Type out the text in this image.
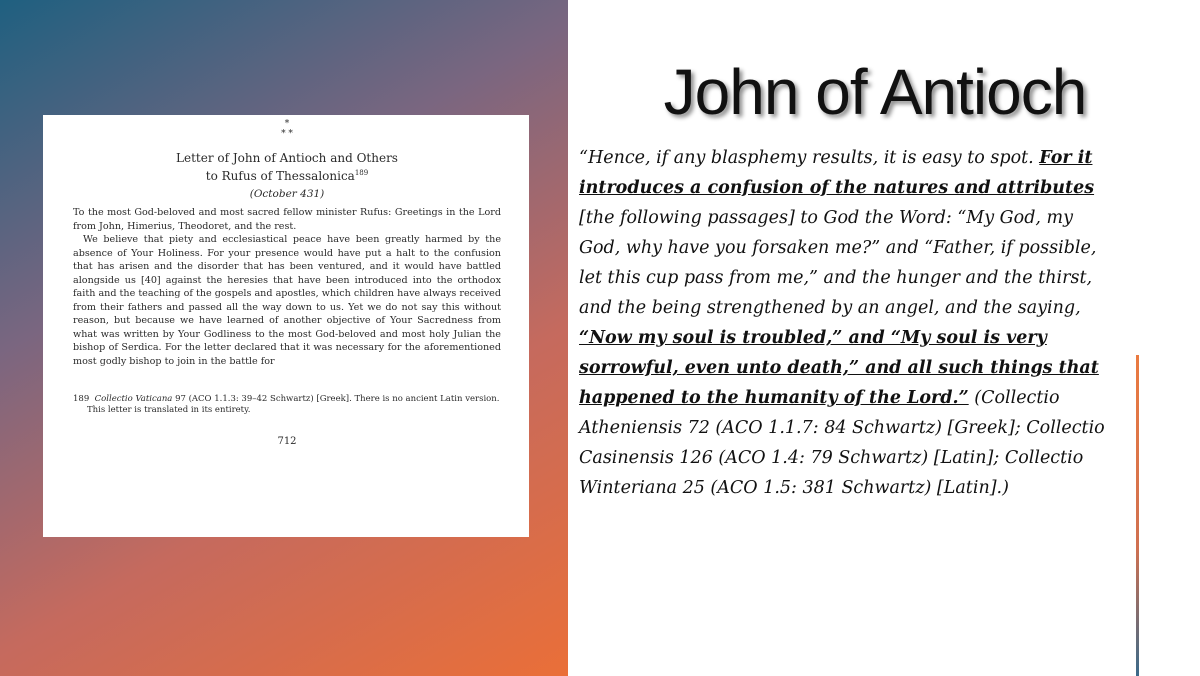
*
* *
Letter of John of Antioch and Others
to Rufus of Thessalonica$^{189}$
(October 431)

To the most God-beloved and most sacred fellow minister Rufus: Greetings in the Lord from John, Himerius, Theodoret, and the rest.

We believe that piety and ecclesiastical peace have been greatly harmed by the absence of Your Holiness. For your presence would have put a halt to the confusion that has arisen and the disorder that has been ventured, and it would have battled alongside us [40] against the heresies that have been introduced into the orthodox faith and the teaching of the gospels and apostles, which children have always received from their fathers and passed all the way down to us. Yet we do not say this without reason, but because we have learned of another objective of Your Sacredness from what was written by Your Godliness to the most God-beloved and most holy Julian the bishop of Serdica. For the letter declared that it was necessary for the aforementioned most godly bishop to join in the battle for

189 Collectio Vaticana 97 (ACO 1.1.3: 39–42 Schwartz) [Greek]. There is no ancient Latin version. This letter is translated in its entirety.
712
John of Antioch
“Hence, if any blasphemy results, it is easy to spot. For it introduces a confusion of the natures and attributes [the following passages] to God the Word: “My God, my God, why have you forsaken me?” and “Father, if possible, let this cup pass from me,” and the hunger and the thirst, and the being strengthened by an angel, and the saying, “Now my soul is troubled,” and “My soul is very sorrowful, even unto death,” and all such things that happened to the humanity of the Lord.” (Collectio Atheniensis 72 (ACO 1.1.7: 84 Schwartz) [Greek]; Collectio Casinensis 126 (ACO 1.4: 79 Schwartz) [Latin]; Collectio Winteriana 25 (ACO 1.5: 381 Schwartz) [Latin].)
